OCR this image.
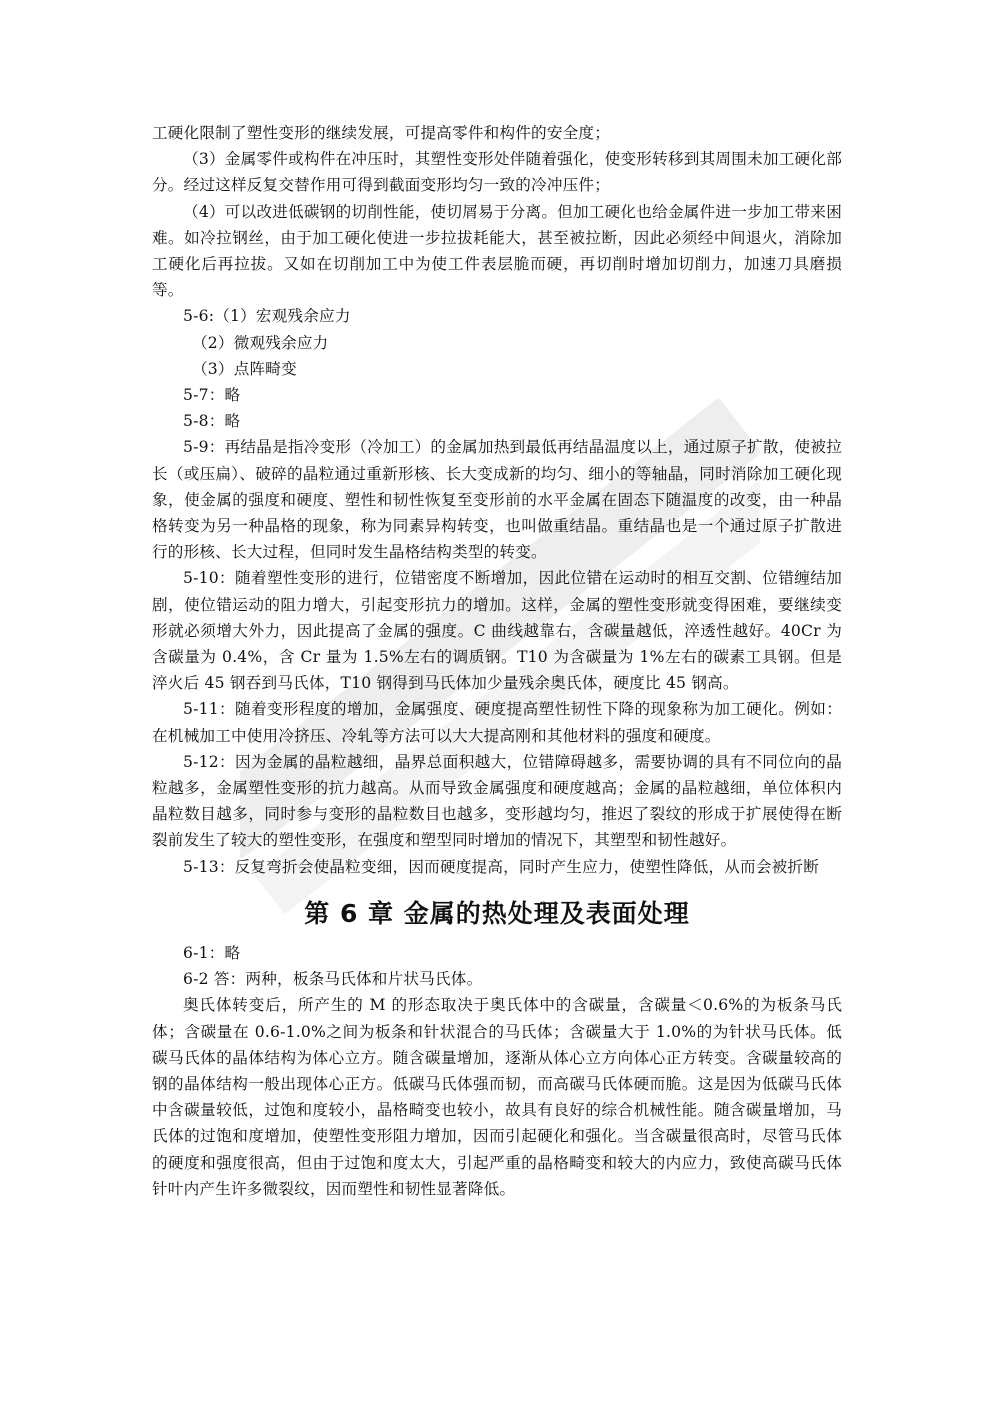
工硬化限制了塑性变形的继续发展，可提高零件和构件的安全度；

（3）金属零件或构件在冲压时，其塑性变形处伴随着强化，使变形转移到其周围未加工硬化部分。经过这样反复交替作用可得到截面变形均匀一致的冷冲压件；

（4）可以改进低碳钢的切削性能，使切屑易于分离。但加工硬化也给金属件进一步加工带来困难。如冷拉钢丝，由于加工硬化使进一步拉拔耗能大，甚至被拉断，因此必须经中间退火，消除加工硬化后再拉拔。又如在切削加工中为使工件表层脆而硬，再切削时增加切削力，加速刀具磨损等。

5-6:（1）宏观残余应力

（2）微观残余应力

（3）点阵畸变

5-7：略

5-8：略

5-9：再结晶是指冷变形（冷加工）的金属加热到最低再结晶温度以上，通过原子扩散，使被拉长（或压扁）、破碎的晶粒通过重新形核、长大变成新的均匀、细小的等轴晶，同时消除加工硬化现象，使金属的强度和硬度、塑性和韧性恢复至变形前的水平金属在固态下随温度的改变，由一种晶格转变为另一种晶格的现象，称为同素异构转变，也叫做重结晶。重结晶也是一个通过原子扩散进行的形核、长大过程，但同时发生晶格结构类型的转变。

5-10：随着塑性变形的进行，位错密度不断增加，因此位错在运动时的相互交割、位错缠结加剧，使位错运动的阻力增大，引起变形抗力的增加。这样，金属的塑性变形就变得困难，要继续变形就必须增大外力，因此提高了金属的强度。C 曲线越靠右，含碳量越低，淬透性越好。40Cr 为含碳量为 0.4%，含 Cr 量为 1.5%左右的调质钢。T10 为含碳量为 1%左右的碳素工具钢。但是淬火后 45 钢吞到马氏体，T10 钢得到马氏体加少量残余奥氏体，硬度比 45 钢高。

5-11：随着变形程度的增加，金属强度、硬度提高塑性韧性下降的现象称为加工硬化。例如：在机械加工中使用冷挤压、冷轧等方法可以大大提高刚和其他材料的强度和硬度。

5-12：因为金属的晶粒越细，晶界总面积越大，位错障碍越多，需要协调的具有不同位向的晶粒越多，金属塑性变形的抗力越高。从而导致金属强度和硬度越高；金属的晶粒越细，单位体积内晶粒数目越多，同时参与变形的晶粒数目也越多，变形越均匀，推迟了裂纹的形成于扩展使得在断裂前发生了较大的塑性变形，在强度和塑型同时增加的情况下，其塑型和韧性越好。

5-13：反复弯折会使晶粒变细，因而硬度提高，同时产生应力，使塑性降低，从而会被折断

第 6 章 金属的热处理及表面处理

6-1：略

6-2 答：两种，板条马氏体和片状马氏体。

奥氏体转变后，所产生的 M 的形态取决于奥氏体中的含碳量，含碳量＜0.6%的为板条马氏体；含碳量在 0.6-1.0%之间为板条和针状混合的马氏体；含碳量大于 1.0%的为针状马氏体。低碳马氏体的晶体结构为体心立方。随含碳量增加，逐渐从体心立方向体心正方转变。含碳量较高的钢的晶体结构一般出现体心正方。低碳马氏体强而韧，而高碳马氏体硬而脆。这是因为低碳马氏体中含碳量较低，过饱和度较小，晶格畸变也较小，故具有良好的综合机械性能。随含碳量增加，马氏体的过饱和度增加，使塑性变形阻力增加，因而引起硬化和强化。当含碳量很高时，尽管马氏体的硬度和强度很高，但由于过饱和度太大，引起严重的晶格畸变和较大的内应力，致使高碳马氏体针叶内产生许多微裂纹，因而塑性和韧性显著降低。
